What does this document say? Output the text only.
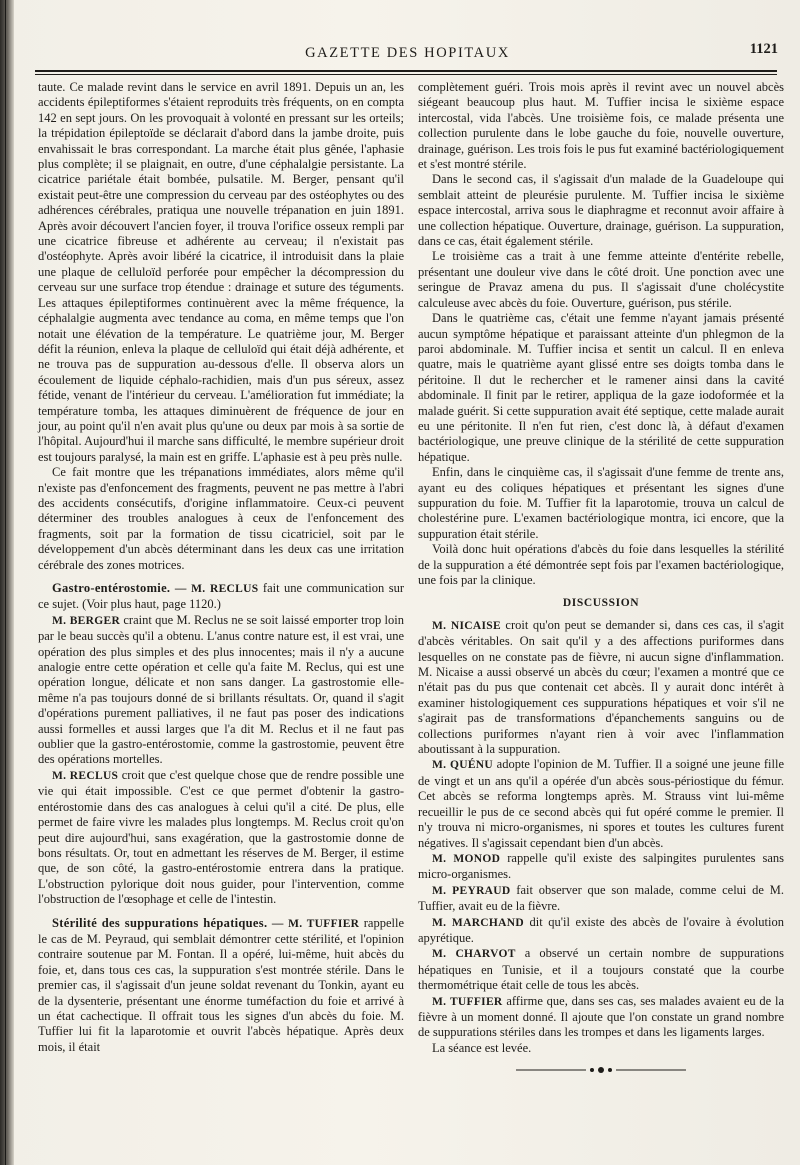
GAZETTE DES HOPITAUX	1121

taute. Ce malade revint dans le service en avril 1891. Depuis un an, les accidents épileptiformes s'étaient reproduits très fréquents, on en compta 142 en sept jours. On les provoquait à volonté en pressant sur les orteils; la trépidation épileptoïde se déclarait d'abord dans la jambe droite, puis envahissait le bras correspondant. La marche était plus gênée, l'aphasie plus complète; il se plaignait, en outre, d'une céphalalgie persistante. La cicatrice pariétale était bombée, pulsatile. M. Berger, pensant qu'il existait peut-être une compression du cerveau par des ostéophytes ou des adhérences cérébrales, pratiqua une nouvelle trépanation en juin 1891. Après avoir découvert l'ancien foyer, il trouva l'orifice osseux rempli par une cicatrice fibreuse et adhérente au cerveau; il n'existait pas d'ostéophyte. Après avoir libéré la cicatrice, il introduisit dans la plaie une plaque de celluloïd perforée pour empêcher la décompression du cerveau sur une surface trop étendue : drainage et suture des téguments. Les attaques épileptiformes continuèrent avec la même fréquence, la céphalalgie augmenta avec tendance au coma, en même temps que l'on notait une élévation de la température. Le quatrième jour, M. Berger défit la réunion, enleva la plaque de celluloïd qui était déjà adhérente, et ne trouva pas de suppuration au-dessous d'elle. Il observa alors un écoulement de liquide céphalo-rachidien, mais d'un pus séreux, assez fétide, venant de l'intérieur du cerveau. L'amélioration fut immédiate; la température tomba, les attaques diminuèrent de fréquence de jour en jour, au point qu'il n'en avait plus qu'une ou deux par mois à sa sortie de l'hôpital. Aujourd'hui il marche sans difficulté, le membre supérieur droit est toujours paralysé, la main est en griffe. L'aphasie est à peu près nulle.

Ce fait montre que les trépanations immédiates, alors même qu'il n'existe pas d'enfoncement des fragments, peuvent ne pas mettre à l'abri des accidents consécutifs, d'origine inflammatoire. Ceux-ci peuvent déterminer des troubles analogues à ceux de l'enfoncement des fragments, soit par la formation de tissu cicatriciel, soit par le développement d'un abcès déterminant dans les deux cas une irritation cérébrale des zones motrices.

Gastro-entérostomie. — M. RECLUS fait une communication sur ce sujet. (Voir plus haut, page 1120.)

M. BERGER craint que M. Reclus ne se soit laissé emporter trop loin par le beau succès qu'il a obtenu. L'anus contre nature est, il est vrai, une opération des plus simples et des plus innocentes; mais il n'y a aucune analogie entre cette opération et celle qu'a faite M. Reclus, qui est une opération longue, délicate et non sans danger. La gastrostomie elle-même n'a pas toujours donné de si brillants résultats. Or, quand il s'agit d'opérations purement palliatives, il ne faut pas poser des indications aussi formelles et aussi larges que l'a dit M. Reclus et il ne faut pas oublier que la gastro-entérostomie, comme la gastrostomie, peuvent être des opérations mortelles.

M. RECLUS croit que c'est quelque chose que de rendre possible une vie qui était impossible. C'est ce que permet d'obtenir la gastro-entérostomie dans des cas analogues à celui qu'il a cité. De plus, elle permet de faire vivre les malades plus longtemps. M. Reclus croit qu'on peut dire aujourd'hui, sans exagération, que la gastrostomie donne de bons résultats. Or, tout en admettant les réserves de M. Berger, il estime que, de son côté, la gastro-entérostomie entrera dans la pratique. L'obstruction pylorique doit nous guider, pour l'intervention, comme l'obstruction de l'œsophage et celle de l'intestin.

Stérilité des suppurations hépatiques. — M. TUFFIER rappelle le cas de M. Peyraud, qui semblait démontrer cette stérilité, et l'opinion contraire soutenue par M. Fontan. Il a opéré, lui-même, huit abcès du foie, et, dans tous ces cas, la suppuration s'est montrée stérile. Dans le premier cas, il s'agissait d'un jeune soldat revenant du Tonkin, ayant eu de la dysenterie, présentant une énorme tuméfaction du foie et arrivé à un état cachectique. Il offrait tous les signes d'un abcès du foie. M. Tuffier lui fit la laparotomie et ouvrit l'abcès hépatique. Après deux mois, il était

complètement guéri. Trois mois après il revint avec un nouvel abcès siégeant beaucoup plus haut. M. Tuffier incisa le sixième espace intercostal, vida l'abcès. Une troisième fois, ce malade présenta une collection purulente dans le lobe gauche du foie, nouvelle ouverture, drainage, guérison. Les trois fois le pus fut examiné bactériologiquement et s'est montré stérile.

Dans le second cas, il s'agissait d'un malade de la Guadeloupe qui semblait atteint de pleurésie purulente. M. Tuffier incisa le sixième espace intercostal, arriva sous le diaphragme et reconnut avoir affaire à une collection hépatique. Ouverture, drainage, guérison. La suppuration, dans ce cas, était également stérile.

Le troisième cas a trait à une femme atteinte d'entérite rebelle, présentant une douleur vive dans le côté droit. Une ponction avec une seringue de Pravaz amena du pus. Il s'agissait d'une cholécystite calculeuse avec abcès du foie. Ouverture, guérison, pus stérile.

Dans le quatrième cas, c'était une femme n'ayant jamais présenté aucun symptôme hépatique et paraissant atteinte d'un phlegmon de la paroi abdominale. M. Tuffier incisa et sentit un calcul. Il en enleva quatre, mais le quatrième ayant glissé entre ses doigts tomba dans le péritoine. Il dut le rechercher et le ramener ainsi dans la cavité abdominale. Il finit par le retirer, appliqua de la gaze iodoformée et la malade guérit. Si cette suppuration avait été septique, cette malade aurait eu une péritonite. Il n'en fut rien, c'est donc là, à défaut d'examen bactériologique, une preuve clinique de la stérilité de cette suppuration hépatique.

Enfin, dans le cinquième cas, il s'agissait d'une femme de trente ans, ayant eu des coliques hépatiques et présentant les signes d'une suppuration du foie. M. Tuffier fit la laparotomie, trouva un calcul de cholestérine pure. L'examen bactériologique montra, ici encore, que la suppuration était stérile.

Voilà donc huit opérations d'abcès du foie dans lesquelles la stérilité de la suppuration a été démontrée sept fois par l'examen bactériologique, une fois par la clinique.

DISCUSSION

M. NICAISE croit qu'on peut se demander si, dans ces cas, il s'agit d'abcès véritables. On sait qu'il y a des affections puriformes dans lesquelles on ne constate pas de fièvre, ni aucun signe d'inflammation. M. Nicaise a aussi observé un abcès du cœur; l'examen a montré que ce n'était pas du pus que contenait cet abcès. Il y aurait donc intérêt à examiner histologiquement ces suppurations hépatiques et voir s'il ne s'agirait pas de transformations d'épanchements sanguins ou de collections puriformes n'ayant rien à voir avec l'inflammation aboutissant à la suppuration.

M. QUÉNU adopte l'opinion de M. Tuffier. Il a soigné une jeune fille de vingt et un ans qu'il a opérée d'un abcès sous-périostique du fémur. Cet abcès se reforma longtemps après. M. Strauss vint lui-même recueillir le pus de ce second abcès qui fut opéré comme le premier. Il n'y trouva ni micro-organismes, ni spores et toutes les cultures furent négatives. Il s'agissait cependant bien d'un abcès.

M. MONOD rappelle qu'il existe des salpingites purulentes sans micro-organismes.

M. PEYRAUD fait observer que son malade, comme celui de M. Tuffier, avait eu de la fièvre.

M. MARCHAND dit qu'il existe des abcès de l'ovaire à évolution apyrétique.

M. CHARVOT a observé un certain nombre de suppurations hépatiques en Tunisie, et il a toujours constaté que la courbe thermométrique était celle de tous les abcès.

M. TUFFIER affirme que, dans ses cas, ses malades avaient eu de la fièvre à un moment donné. Il ajoute que l'on constate un grand nombre de suppurations stériles dans les trompes et dans les ligaments larges.

La séance est levée.
